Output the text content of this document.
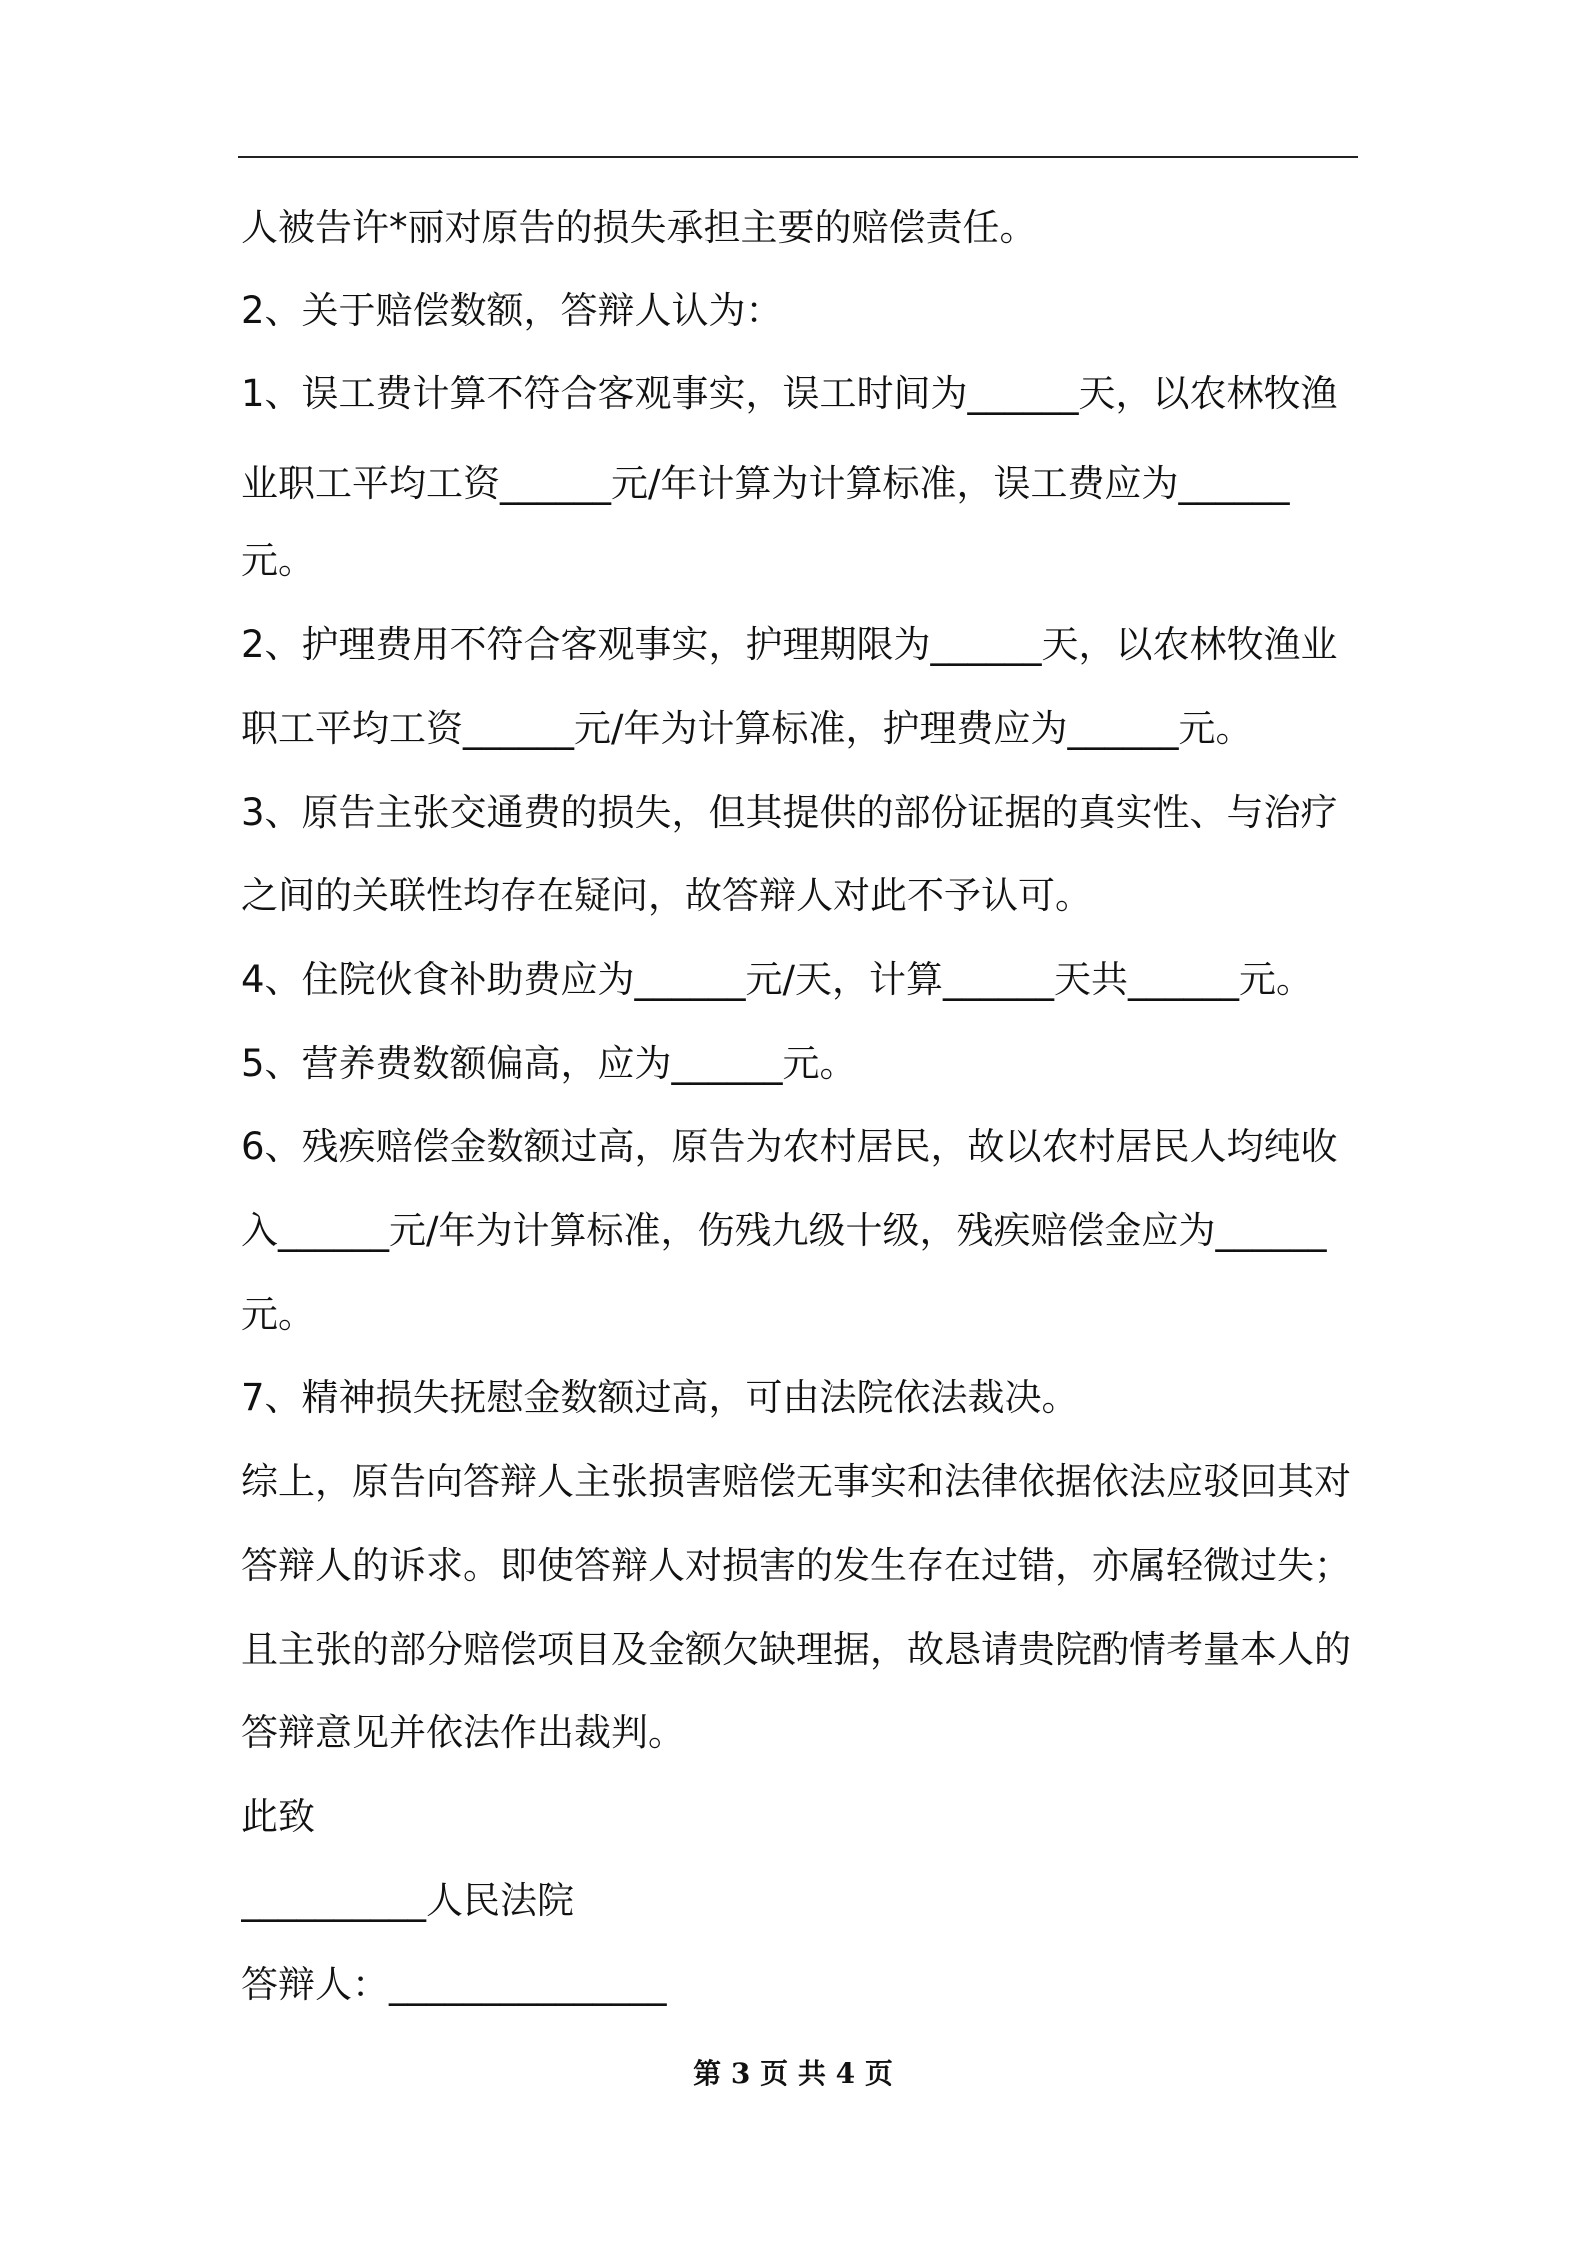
人被告许*丽对原告的损失承担主要的赔偿责任。
2、关于赔偿数额，答辩人认为：
1、误工费计算不符合客观事实，误工时间为______天，以农林牧渔
业职工平均工资______元/年计算为计算标准，误工费应为______
元。
2、护理费用不符合客观事实，护理期限为______天，以农林牧渔业
职工平均工资______元/年为计算标准，护理费应为______元。
3、原告主张交通费的损失，但其提供的部份证据的真实性、与治疗
之间的关联性均存在疑问，故答辩人对此不予认可。
4、住院伙食补助费应为______元/天，计算______天共______元。
5、营养费数额偏高，应为______元。
6、残疾赔偿金数额过高，原告为农村居民，故以农村居民人均纯收
入______元/年为计算标准，伤残九级十级，残疾赔偿金应为______
元。
7、精神损失抚慰金数额过高，可由法院依法裁决。
综上，原告向答辩人主张损害赔偿无事实和法律依据依法应驳回其对
答辩人的诉求。即使答辩人对损害的发生存在过错，亦属轻微过失；
且主张的部分赔偿项目及金额欠缺理据，故恳请贵院酌情考量本人的
答辩意见并依法作出裁判。
此致
__________人民法院
答辩人：_______________
第 3 页 共 4 页
